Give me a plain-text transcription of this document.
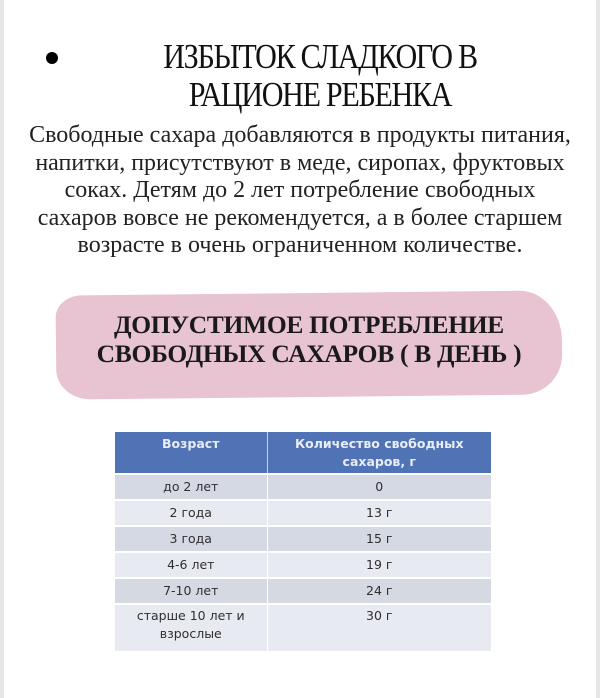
ИЗБЫТОК СЛАДКОГО В РАЦИОНЕ РЕБЕНКА

Свободные сахара добавляются в продукты питания, напитки, присутствуют в меде, сиропах, фруктовых соках. Детям до 2 лет потребление свободных сахаров вовсе не рекомендуется, а в более старшем возрасте в очень ограниченном количестве.

ДОПУСТИМОЕ ПОТРЕБЛЕНИЕ СВОБОДНЫХ САХАРОВ ( В ДЕНЬ )
Возраст	Количество свободных сахаров, г
до 2 лет	0
2 года	13 г
3 года	15 г
4-6 лет	19 г
7-10 лет	24 г
старше 10 лет и взрослые	30 г
